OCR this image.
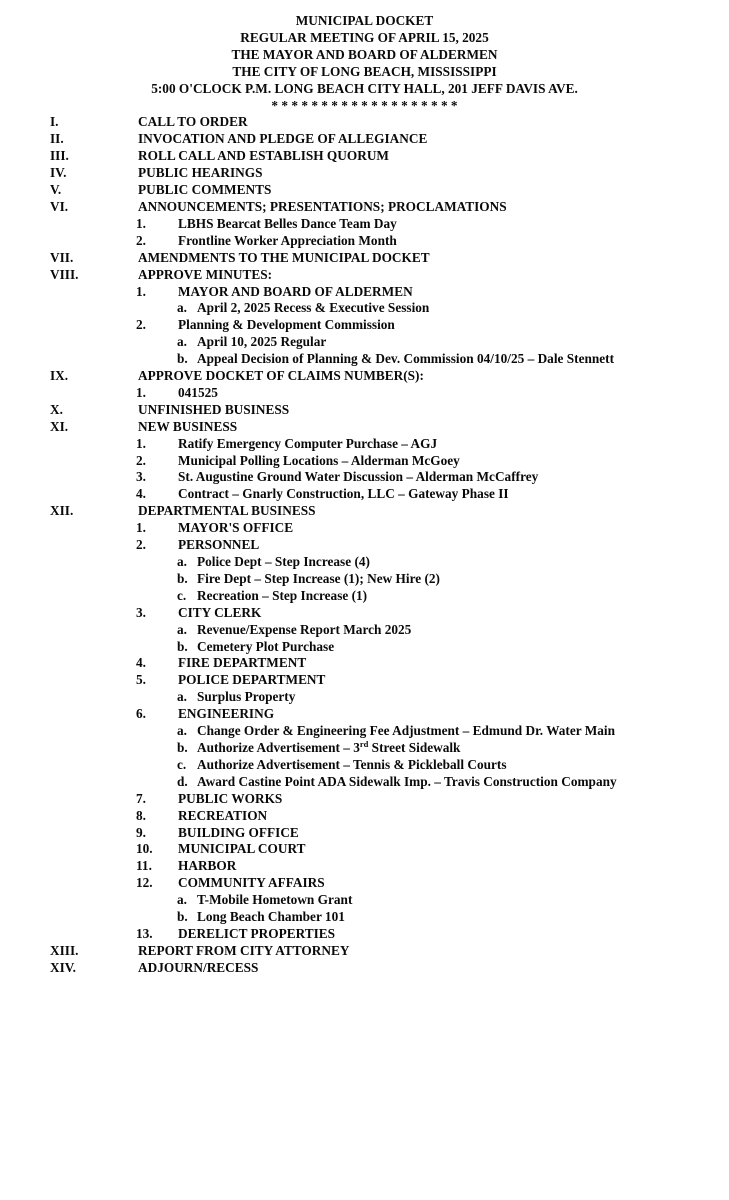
MUNICIPAL DOCKET
REGULAR MEETING OF APRIL 15, 2025
THE MAYOR AND BOARD OF ALDERMEN
THE CITY OF LONG BEACH, MISSISSIPPI
5:00 O'CLOCK P.M. LONG BEACH CITY HALL, 201 JEFF DAVIS AVE.
* * * * * * * * * * * * * * * * * * *
I.	CALL TO ORDER
II.	INVOCATION AND PLEDGE OF ALLEGIANCE
III.	ROLL CALL AND ESTABLISH QUORUM
IV.	PUBLIC HEARINGS
V.	PUBLIC COMMENTS
VI.	ANNOUNCEMENTS; PRESENTATIONS; PROCLAMATIONS
1.	LBHS Bearcat Belles Dance Team Day
2.	Frontline Worker Appreciation Month
VII.	AMENDMENTS TO THE MUNICIPAL DOCKET
VIII.	APPROVE MINUTES:
1.	MAYOR AND BOARD OF ALDERMEN
a. April 2, 2025 Recess & Executive Session
2.	Planning & Development Commission
a. April 10, 2025 Regular
b. Appeal Decision of Planning & Dev. Commission 04/10/25 – Dale Stennett
IX.	APPROVE DOCKET OF CLAIMS NUMBER(S):
1.	041525
X.	UNFINISHED BUSINESS
XI.	NEW BUSINESS
1.	Ratify Emergency Computer Purchase – AGJ
2.	Municipal Polling Locations – Alderman McGoey
3.	St. Augustine Ground Water Discussion – Alderman McCaffrey
4.	Contract – Gnarly Construction, LLC – Gateway Phase II
XII.	DEPARTMENTAL BUSINESS
1.	MAYOR'S OFFICE
2.	PERSONNEL
a. Police Dept – Step Increase (4)
b. Fire Dept – Step Increase (1); New Hire (2)
c. Recreation – Step Increase (1)
3.	CITY CLERK
a. Revenue/Expense Report March 2025
b. Cemetery Plot Purchase
4.	FIRE DEPARTMENT
5.	POLICE DEPARTMENT
a. Surplus Property
6.	ENGINEERING
a. Change Order & Engineering Fee Adjustment – Edmund Dr. Water Main
b. Authorize Advertisement – 3rd Street Sidewalk
c. Authorize Advertisement – Tennis & Pickleball Courts
d. Award Castine Point ADA Sidewalk Imp. – Travis Construction Company
7.	PUBLIC WORKS
8.	RECREATION
9.	BUILDING OFFICE
10.	MUNICIPAL COURT
11.	HARBOR
12.	COMMUNITY AFFAIRS
a. T-Mobile Hometown Grant
b. Long Beach Chamber 101
13.	DERELICT PROPERTIES
XIII.	REPORT FROM CITY ATTORNEY
XIV.	ADJOURN/RECESS
